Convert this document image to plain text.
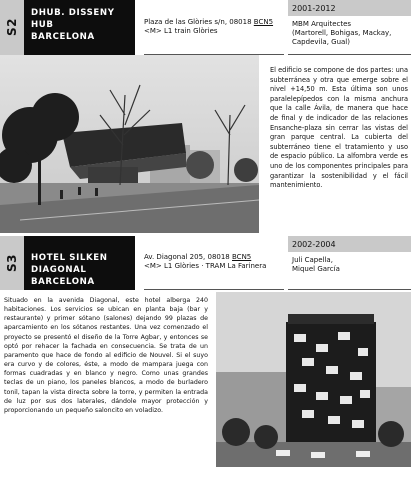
S2
DHUB. DISSENY HUB
BARCELONA
Plaza de las Glòries s/n, 08018 BCN5
<M> L1 train Glòries
2001-2012
MBM Arquitectes
(Martorell, Bohigas, Mackay,
Capdevila, Gual)
El edificio se compone de dos partes: una subterránea y otra que emerge sobre el nivel +14,50 m. Esta última son unos paralelepípedos con la misma anchura que la calle Ávila, de manera que hace de final y de indicador de las relaciones Ensanche-plaza sin cerrar las vistas del gran parque central. La cubierta del subterráneo tiene el tratamiento y uso de espacio público. La alfombra verde es uno de los componentes principales para garantizar la sostenibilidad y el fácil mantenimiento.
S3 HOTEL SILKEN
DIAGONAL BARCELONA
Av. Diagonal 205, 08018 BCN5
<M> L1 Glòries · TRAM La Farinera
2002-2004
Juli Capella,
Miquel García
Situado en la avenida Diagonal, este hotel alberga 240 habitaciones. Los servicios se ubican en planta baja (bar y restaurante) y primer sótano (salones) dejando 99 plazas de aparcamiento en los sótanos restantes. Una vez comenzado el proyecto se presentó el diseño de la Torre Agbar, y entonces se optó por rehacer la fachada en consecuencia. Se trata de un paramento que hace de fondo al edificio de Nouvel. Si el suyo era curvo y de colores, éste, a modo de mampara juega con formas cuadradas y en blanco y negro. Como unas grandes teclas de un piano, los paneles blancos, a modo de burladero tonil, tapan la vista directa sobre la torre, y permiten la entrada de luz por sus dos laterales, dándole mayor protección y proporcionando un pequeño saloncito en voladizo.
